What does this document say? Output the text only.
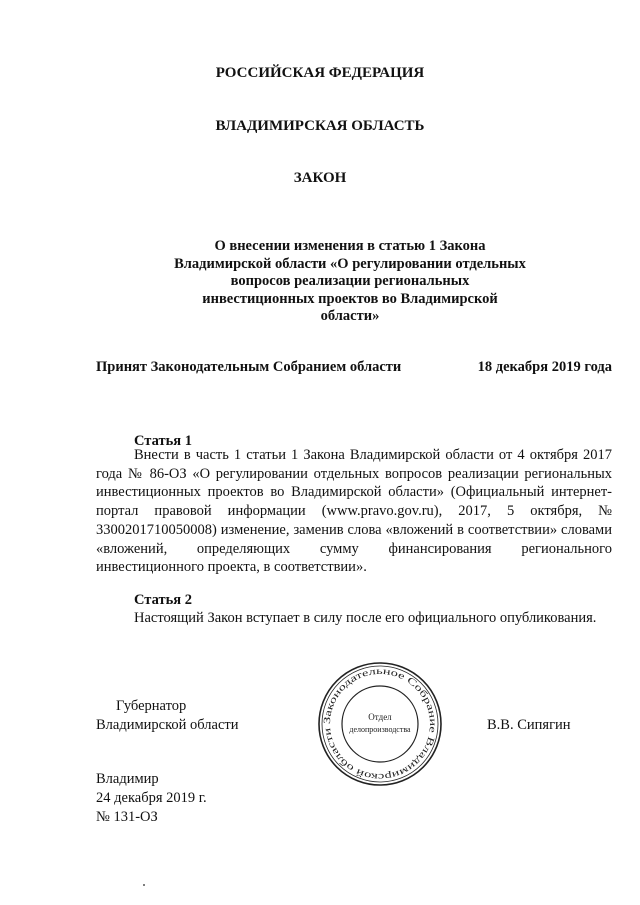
РОССИЙСКАЯ ФЕДЕРАЦИЯ
ВЛАДИМИРСКАЯ ОБЛАСТЬ
ЗАКОН
О внесении изменения в статью 1 Закона
Владимирской области «О регулировании отдельных
вопросов реализации региональных
инвестиционных проектов во Владимирской
области»
Принят Законодательным Собранием области	18 декабря 2019 года
Статья 1
Внести в часть 1 статьи 1 Закона Владимирской области от 4 октября 2017 года № 86-ОЗ «О регулировании отдельных вопросов реализации региональных инвестиционных проектов во Владимирской области» (Официальный интернет-портал правовой информации (www.pravo.gov.ru), 2017, 5 октября, № 3300201710050008) изменение, заменив слова «вложений в соответствии» словами «вложений, определяющих сумму финансирования регионального инвестиционного проекта, в соответствии».
Статья 2
Настоящий Закон вступает в силу после его официального опубликования.
Губернатор
Владимирской области	В.В. Сипягин
Законодательное Собрание Владимирской области
Отдел
делопроизводства
Владимир
24 декабря 2019 г.
№ 131-ОЗ
